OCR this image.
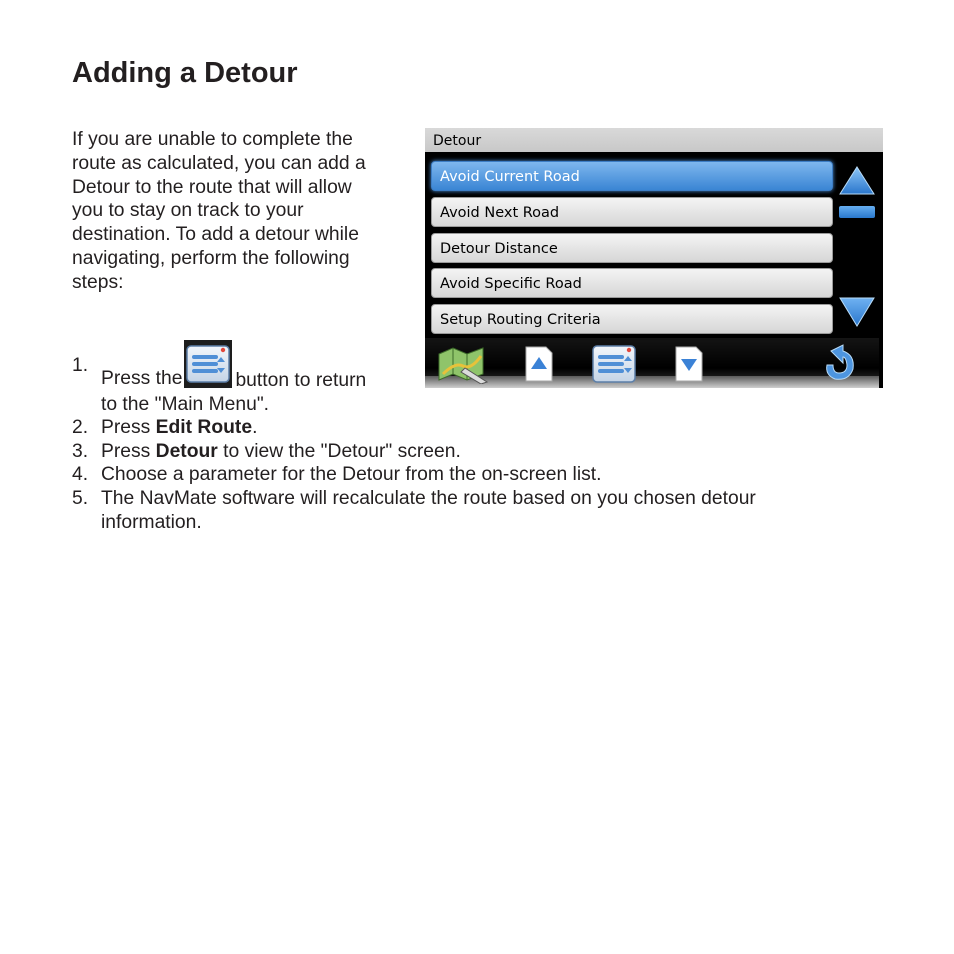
Adding a Detour

If you are unable to complete the
route as calculated, you can add a
Detour to the route that will allow
you to stay on track to your
destination. To add a detour while
navigating, perform the following
steps:

1.
Press the	button to return
to the "Main Menu".
2. Press Edit Route.
3. Press Detour to view the "Detour" screen.
4. Choose a parameter for the Detour from the on-screen list.
5. The NavMate software will recalculate the route based on you chosen detour
information.
Detour
Avoid Current Road
Avoid Next Road
Detour Distance
Avoid Specific Road
Setup Routing Criteria
